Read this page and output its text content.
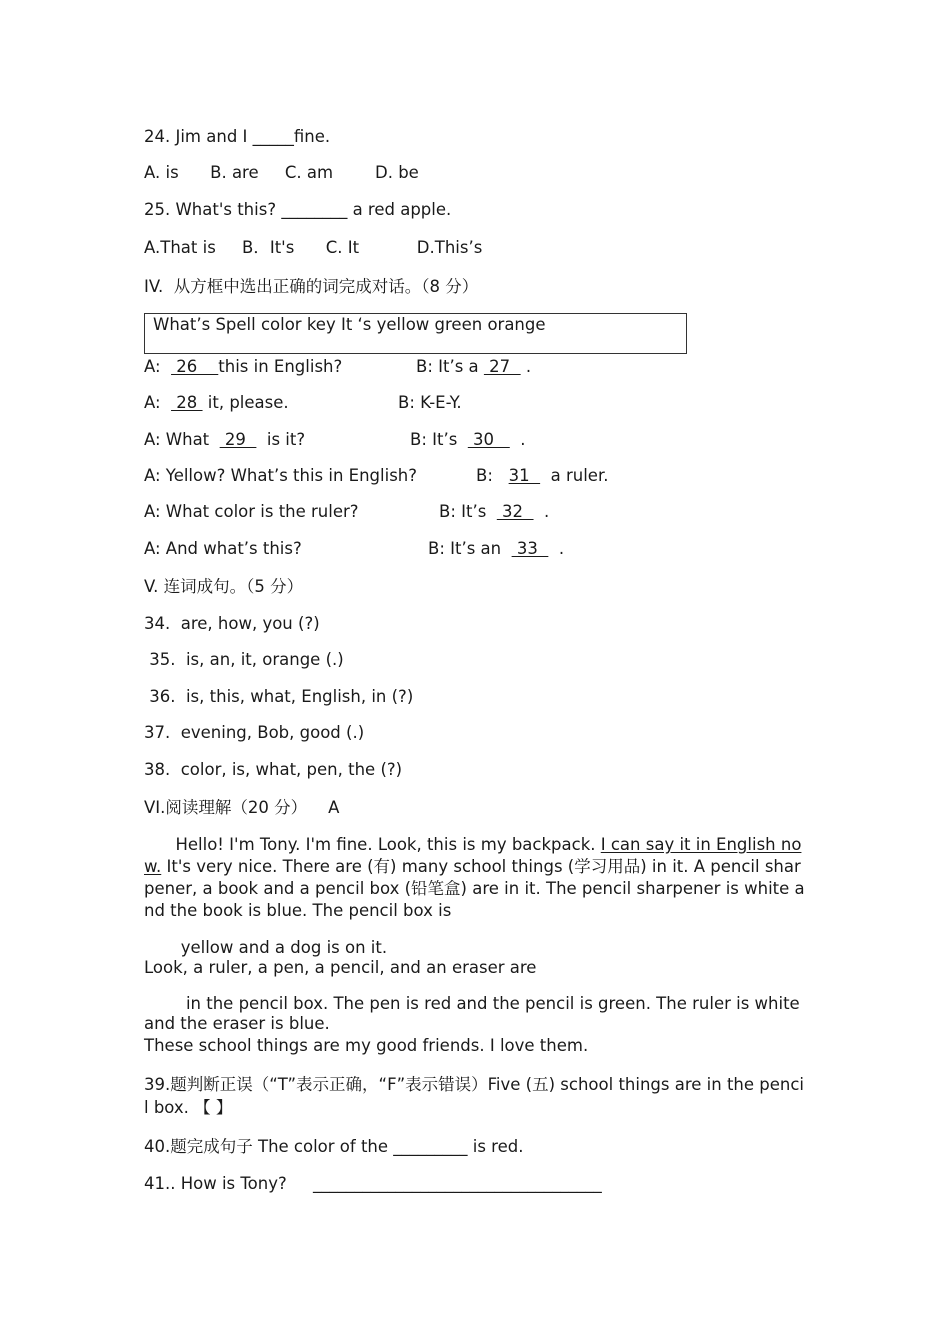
24. Jim and I _____fine.
A. is      B. are     C. am        D. be
25. What's this? ________ a red apple.
A.That is     B．It's      C. It           D.This’s
IV.  从方框中选出正确的词完成对话。（8 分）
What’s Spell color key It ‘s yellow green orange
A:   26    this in English?	B: It’s a  27   .
A:   28  it, please.	B: K-E-Y.
A: What   29    is it?	B: It’s   30     .
A: Yellow? What’s this in English?	B:   31    a ruler.
A: What color is the ruler?	B: It’s   32    .
A: And what’s this?	B: It’s an   33    .
V. 连词成句。（5 分）
34.  are, how, you (?)
35.  is, an, it, orange (.)
36.  is, this, what, English, in (?)
37.  evening, Bob, good (.)
38.  color, is, what, pen, the (?)
VI.阅读理解（20 分）    A
Hello! I'm Tony. I'm fine. Look, this is my backpack. I can say it in English now. It's very nice. There are (有) many school things (学习用品) in it. A pencil sharpener, a book and a pencil box (铅笔盒) are in it. The pencil sharpener is white and the book is blue. The pencil box is
yellow and a dog is on it.
Look, a ruler, a pen, a pencil, and an eraser are
in the pencil box. The pen is red and the pencil is green. The ruler is white and the eraser is blue.
These school things are my good friends. I love them.
39.题判断正误（“T”表示正确，“F”表示错误）Five (五) school things are in the pencil box. 【 】
40.题完成句子 The color of the _________ is red.
41.. How is Tony?     ___________________________________
